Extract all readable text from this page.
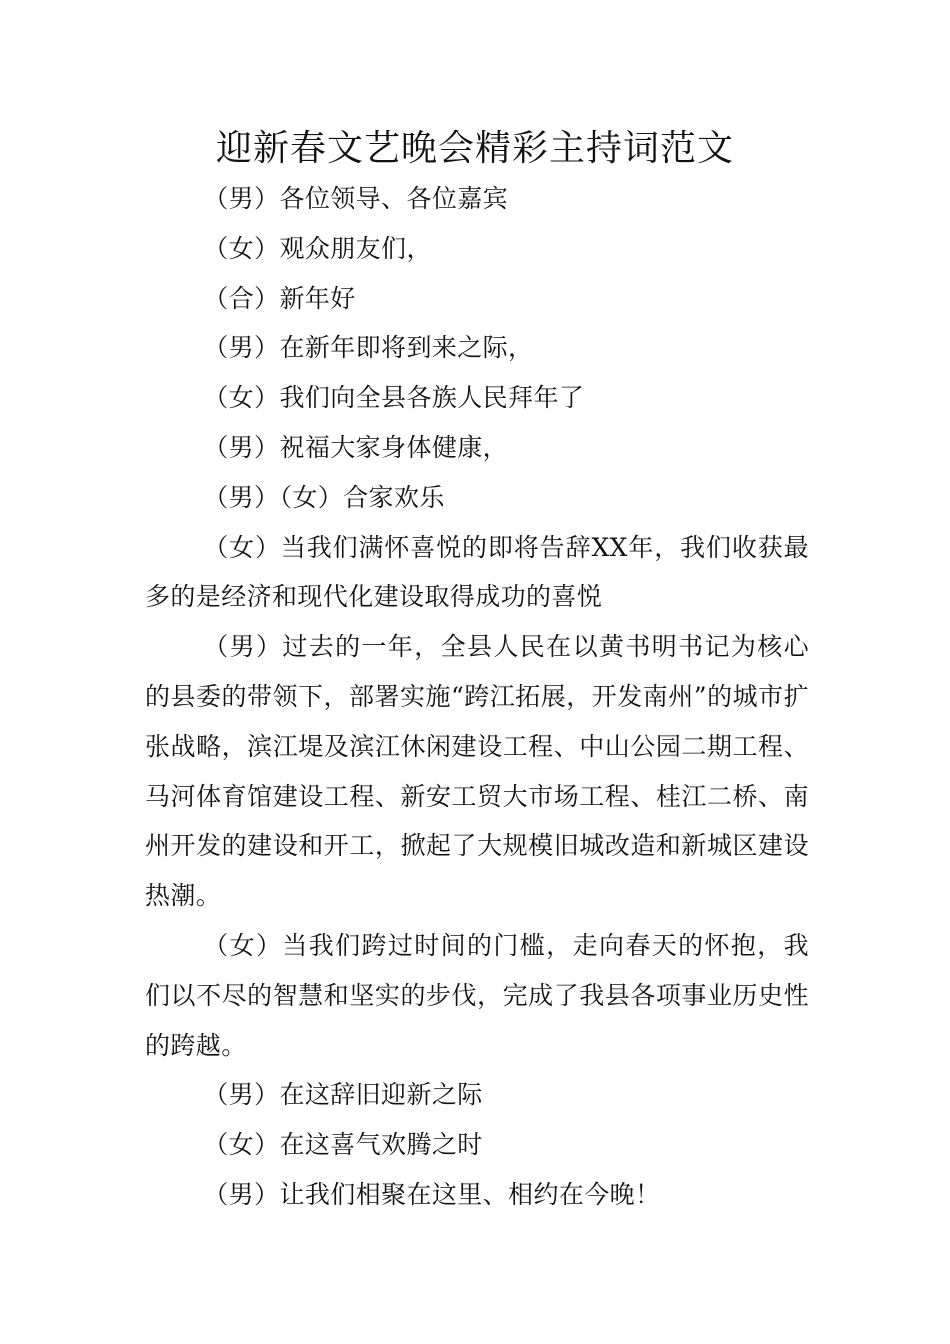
迎新春文艺晚会精彩主持词范文

（男）各位领导、各位嘉宾

（女）观众朋友们，

（合）新年好

（男）在新年即将到来之际，

（女）我们向全县各族人民拜年了

（男）祝福大家身体健康，

（男）（女）合家欢乐

（女）当我们满怀喜悦的即将告辞XX年，我们收获最多的是经济和现代化建设取得成功的喜悦

（男）过去的一年，全县人民在以黄书明书记为核心的县委的带领下，部署实施“跨江拓展，开发南州”的城市扩张战略，滨江堤及滨江休闲建设工程、中山公园二期工程、马河体育馆建设工程、新安工贸大市场工程、桂江二桥、南州开发的建设和开工，掀起了大规模旧城改造和新城区建设热潮。

（女）当我们跨过时间的门槛，走向春天的怀抱，我们以不尽的智慧和坚实的步伐，完成了我县各项事业历史性的跨越。

（男）在这辞旧迎新之际

（女）在这喜气欢腾之时

（男）让我们相聚在这里、相约在今晚！
